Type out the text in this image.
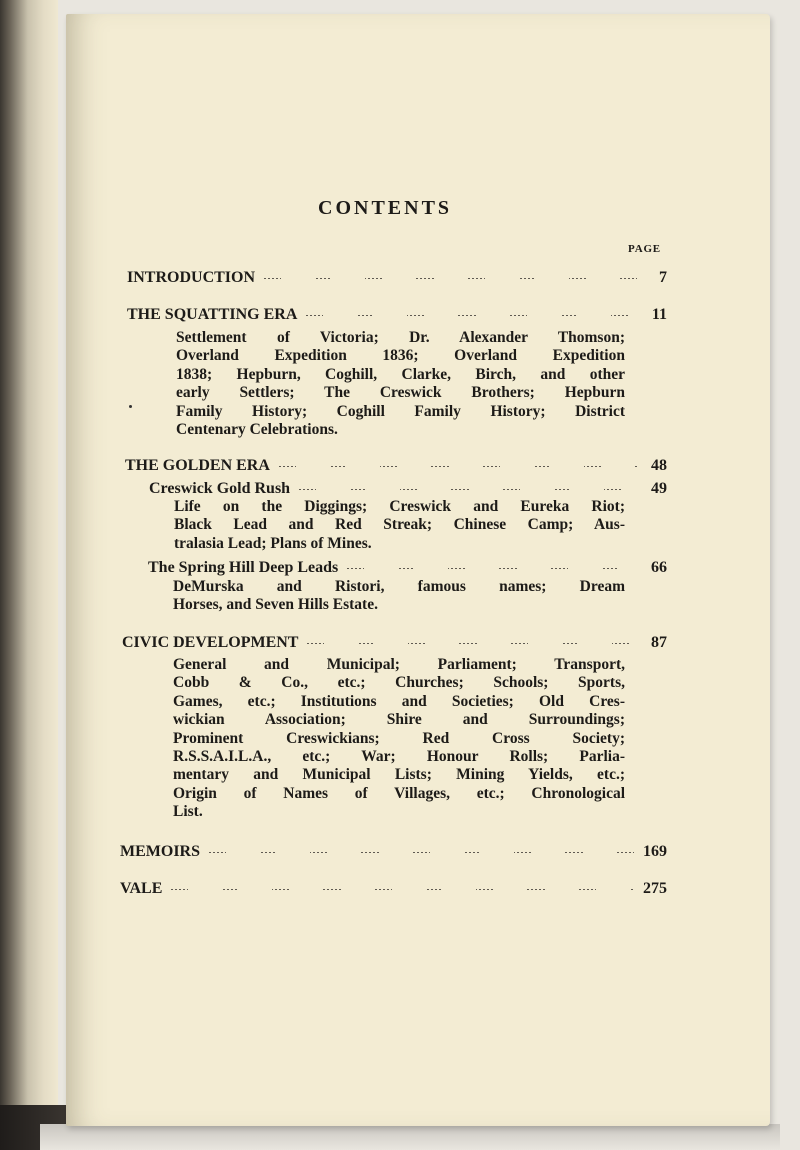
CONTENTS
PAGE
INTRODUCTION	7
THE SQUATTING ERA	11
Settlement of Victoria; Dr. Alexander Thomson;
Overland Expedition 1836; Overland Expedition
1838; Hepburn, Coghill, Clarke, Birch, and other
early Settlers; The Creswick Brothers; Hepburn
Family History; Coghill Family History; District
Centenary Celebrations.
THE GOLDEN ERA	48
Creswick Gold Rush	49
Life on the Diggings; Creswick and Eureka Riot;
Black Lead and Red Streak; Chinese Camp; Aus-
tralasia Lead; Plans of Mines.
The Spring Hill Deep Leads	66
DeMurska and Ristori, famous names; Dream
Horses, and Seven Hills Estate.
CIVIC DEVELOPMENT	87
General and Municipal; Parliament; Transport,
Cobb & Co., etc.; Churches; Schools; Sports,
Games, etc.; Institutions and Societies; Old Cres-
wickian Association; Shire and Surroundings;
Prominent Creswickians; Red Cross Society;
R.S.S.A.I.L.A., etc.; War; Honour Rolls; Parlia-
mentary and Municipal Lists; Mining Yields, etc.;
Origin of Names of Villages, etc.; Chronological
List.
MEMOIRS	169
VALE	275
